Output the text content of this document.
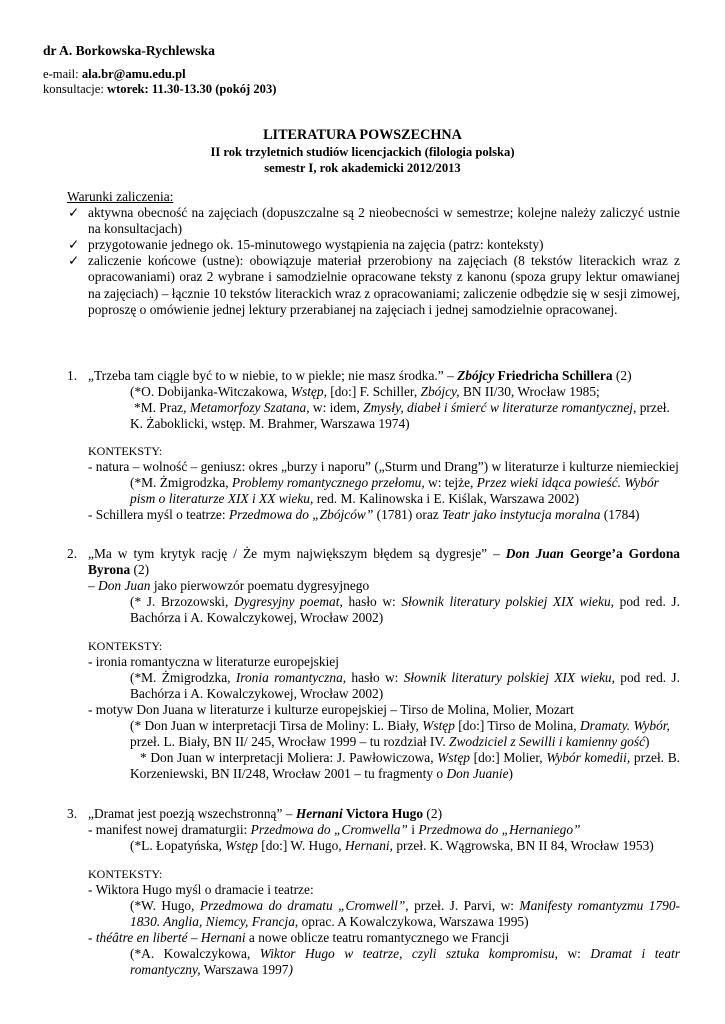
dr A. Borkowska-Rychlewska
e-mail: ala.br@amu.edu.pl
konsultacje: wtorek: 11.30-13.30 (pokój 203)
LITERATURA POWSZECHNA
II rok trzyletnich studiów licencjackich (filologia polska)
semestr I, rok akademicki 2012/2013
Warunki zaliczenia:
✓ aktywna obecność na zajęciach (dopuszczalne są 2 nieobecności w semestrze; kolejne należy zaliczyć ustnie na konsultacjach)
✓ przygotowanie jednego ok. 15-minutowego wystąpienia na zajęcia (patrz: konteksty)
✓ zaliczenie końcowe (ustne): obowiązuje materiał przerobiony na zajęciach (8 tekstów literackich wraz z opracowaniami) oraz 2 wybrane i samodzielnie opracowane teksty z kanonu (spoza grupy lektur omawianej na zajęciach) – łącznie 10 tekstów literackich wraz z opracowaniami; zaliczenie odbędzie się w sesji zimowej, poproszę o omówienie jednej lektury przerabianej na zajęciach i jednej samodzielnie opracowanej.
1. „Trzeba tam ciągle być to w niebie, to w piekle; nie masz środka.” – Zbójcy Friedricha Schillera (2)
(*O. Dobijanka-Witczakowa, Wstęp, [do:] F. Schiller, Zbójcy, BN II/30, Wrocław 1985;
*M. Praz, Metamorfozy Szatana, w: idem, Zmysły, diabeł i śmierć w literaturze romantycznej, przeł.
K. Żaboklicki, wstęp. M. Brahmer, Warszawa 1974)
KONTEKSTY:
- natura – wolność – geniusz: okres „burzy i naporu” („Sturm und Drang”) w literaturze i kulturze niemieckiej
(*M. Żmigrodzka, Problemy romantycznego przełomu, w: tejże, Przez wieki idąca powieść. Wybór
pism o literaturze XIX i XX wieku, red. M. Kalinowska i E. Kiślak, Warszawa 2002)
- Schillera myśl o teatrze: Przedmowa do „Zbójców” (1781) oraz Teatr jako instytucja moralna (1784)
2. „Ma w tym krytyk rację / Że mym największym błędem są dygresje” – Don Juan George’a Gordona
Byrona (2)
– Don Juan jako pierwowzór poematu dygresyjnego
(* J. Brzozowski, Dygresyjny poemat, hasło w: Słownik literatury polskiej XIX wieku, pod red. J.
Bachórza i A. Kowalczykowej, Wrocław 2002)
KONTEKSTY:
- ironia romantyczna w literaturze europejskiej
(*M. Żmigrodzka, Ironia romantyczna, hasło w: Słownik literatury polskiej XIX wieku, pod red. J.
Bachórza i A. Kowalczykowej, Wrocław 2002)
- motyw Don Juana w literaturze i kulturze europejskiej – Tirso de Molina, Molier, Mozart
(* Don Juan w interpretacji Tirsa de Moliny: L. Biały, Wstęp [do:] Tirso de Molina, Dramaty. Wybór,
przeł. L. Biały, BN II/ 245, Wrocław 1999 – tu rozdział IV. Zwodziciel z Sewilli i kamienny gość)
* Don Juan w interpretacji Moliera: J. Pawłowiczowa, Wstęp [do:] Molier, Wybór komedii, przeł. B.
Korzeniewski, BN II/248, Wrocław 2001 – tu fragmenty o Don Juanie)
3. „Dramat jest poezją wszechstronną” – Hernani Victora Hugo (2)
- manifest nowej dramaturgii: Przedmowa do „Cromwella” i Przedmowa do „Hernaniego”
(*L. Łopatyńska, Wstęp [do:] W. Hugo, Hernani, przeł. K. Wągrowska, BN II 84, Wrocław 1953)
KONTEKSTY:
- Wiktora Hugo myśl o dramacie i teatrze:
(*W. Hugo, Przedmowa do dramatu „Cromwell”, przeł. J. Parvi, w: Manifesty romantyzmu 1790-
1830. Anglia, Niemcy, Francja, oprac. A Kowalczykowa, Warszawa 1995)
- théâtre en liberté – Hernani a nowe oblicze teatru romantycznego we Francji
(*A. Kowalczykowa, Wiktor Hugo w teatrze, czyli sztuka kompromisu, w: Dramat i teatr
romantyczny, Warszawa 1997)
